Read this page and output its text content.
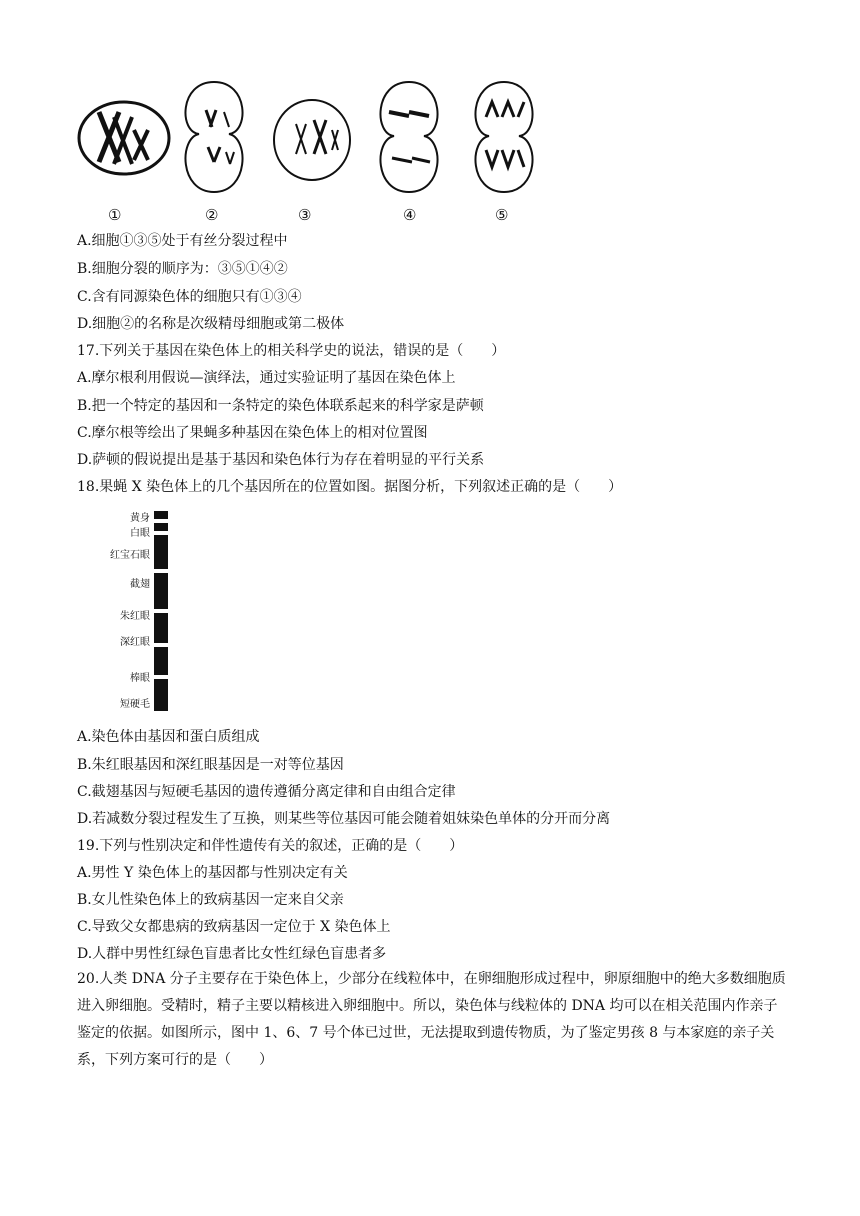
①	②	③	④	⑤
A.细胞①③⑤处于有丝分裂过程中
B.细胞分裂的顺序为：③⑤①④②
C.含有同源染色体的细胞只有①③④
D.细胞②的名称是次级精母细胞或第二极体
17.下列关于基因在染色体上的相关科学史的说法，错误的是（　　）
A.摩尔根利用假说—演绎法，通过实验证明了基因在染色体上
B.把一个特定的基因和一条特定的染色体联系起来的科学家是萨顿
C.摩尔根等绘出了果蝇多种基因在染色体上的相对位置图
D.萨顿的假说提出是基于基因和染色体行为存在着明显的平行关系
18.果蝇 X 染色体上的几个基因所在的位置如图。据图分析，下列叙述正确的是（　　）
黄身
白眼
红宝石眼
截翅
朱红眼
深红眼
棒眼
短硬毛
A.染色体由基因和蛋白质组成
B.朱红眼基因和深红眼基因是一对等位基因
C.截翅基因与短硬毛基因的遗传遵循分离定律和自由组合定律
D.若减数分裂过程发生了互换，则某些等位基因可能会随着姐妹染色单体的分开而分离
19.下列与性别决定和伴性遗传有关的叙述，正确的是（　　）
A.男性 Y 染色体上的基因都与性别决定有关
B.女儿性染色体上的致病基因一定来自父亲
C.导致父女都患病的致病基因一定位于 X 染色体上
D.人群中男性红绿色盲患者比女性红绿色盲患者多
20.人类 DNA 分子主要存在于染色体上，少部分在线粒体中，在卵细胞形成过程中，卵原细胞中的绝大多数细胞质进入卵细胞。受精时，精子主要以精核进入卵细胞中。所以，染色体与线粒体的 DNA 均可以在相关范围内作亲子鉴定的依据。如图所示，图中 1、6、7 号个体已过世，无法提取到遗传物质，为了鉴定男孩 8 与本家庭的亲子关系，下列方案可行的是（　　）
